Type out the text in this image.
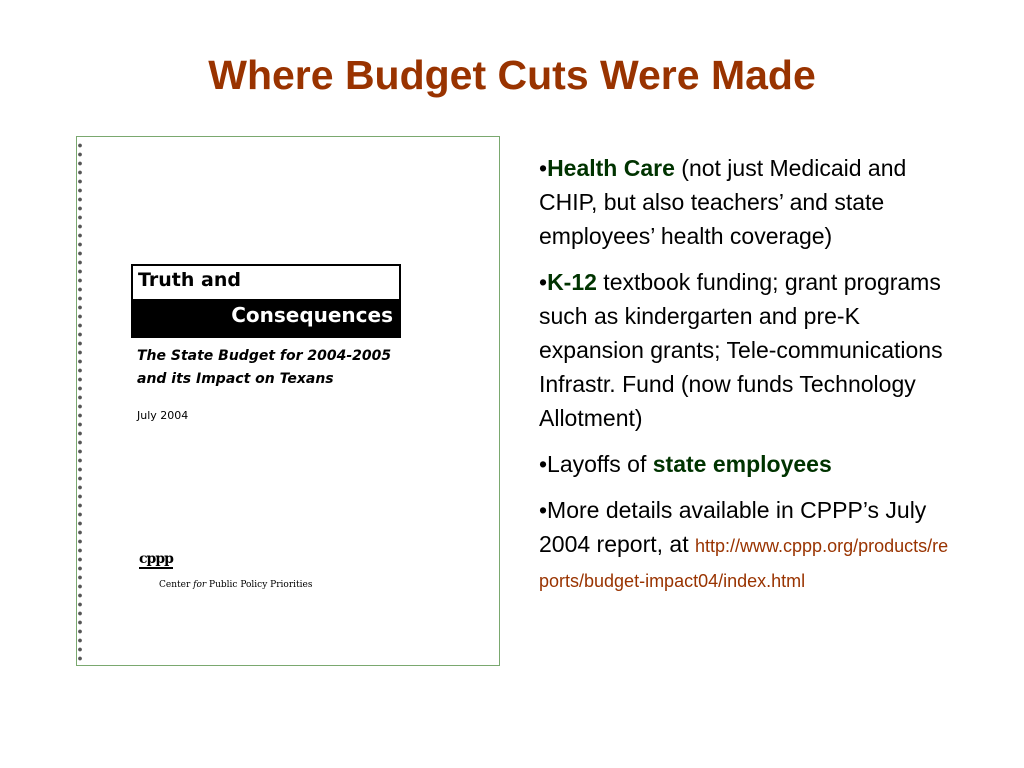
Where Budget Cuts Were Made
Truth and
Consequences
The State Budget for 2004-2005
and its Impact on Texans
July 2004
cppp
Center for Public Policy Priorities
•Health Care (not just Medicaid and CHIP, but also teachers’ and state employees’ health coverage)
•K-12 textbook funding; grant programs such as kindergarten and pre-K expansion grants; Tele-communications Infrastr. Fund (now funds Technology Allotment)
•Layoffs of state employees
•More details available in CPPP’s July 2004 report, at http://www.cppp.org/products/reports/budget-impact04/index.html
